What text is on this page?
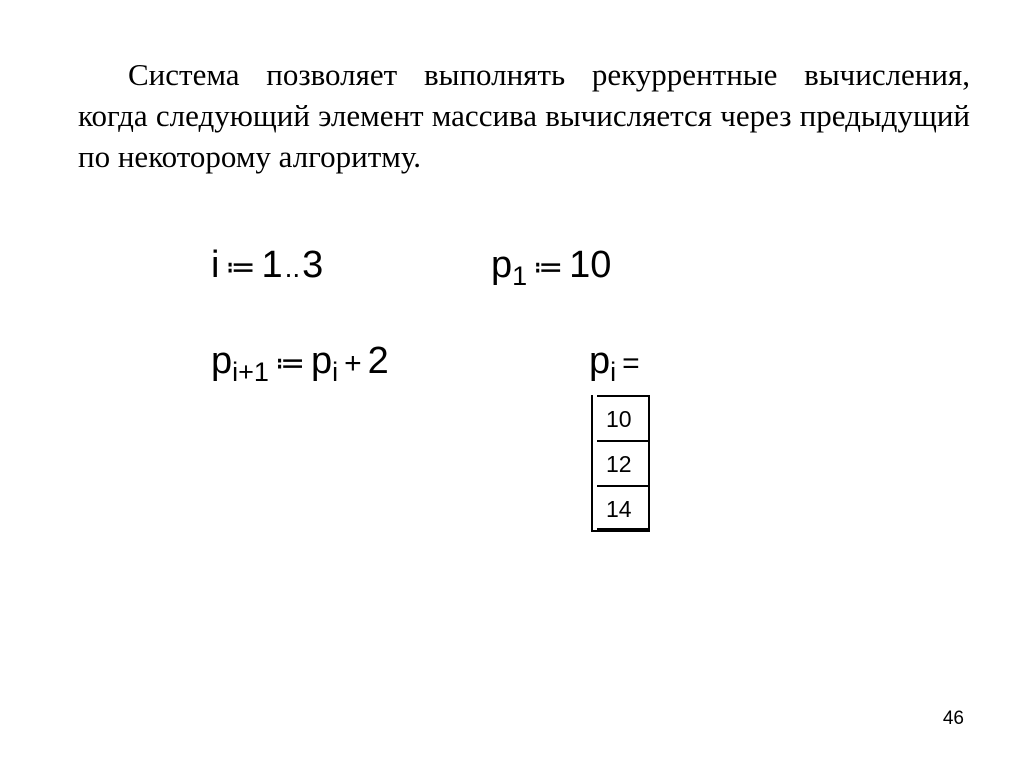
Система позволяет выполнять рекуррентные вычисления, когда следующий элемент массива вычисляется через предыдущий по некоторому алгоритму.

i ≔ 1..3	$p_1$ ≔ 10
$p_{i+1}$ ≔ $p_i + 2$	$p_i$ =
10
12
14
46
